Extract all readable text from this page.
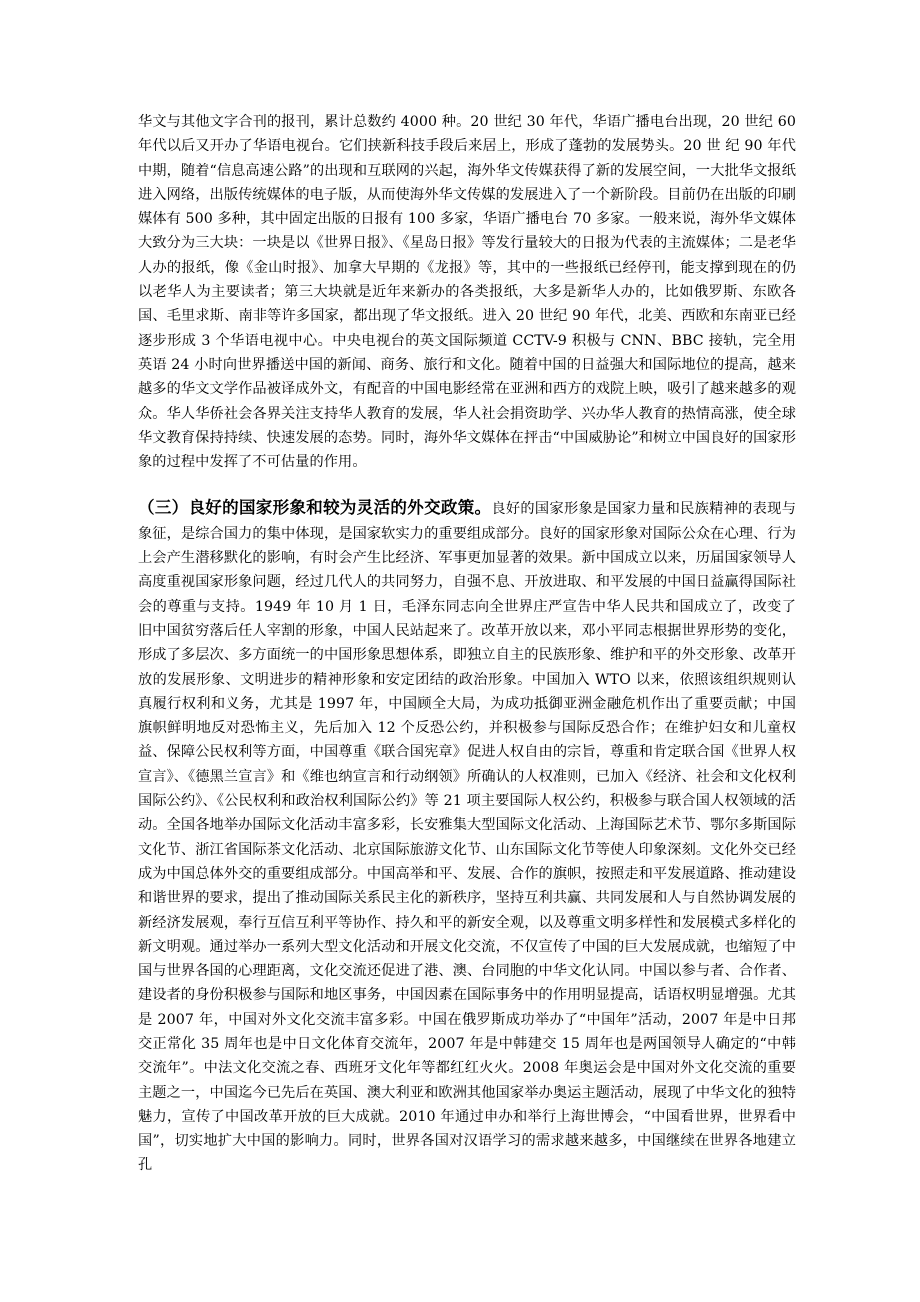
华文与其他文字合刊的报刊，累计总数约 4000 种。20 世纪 30 年代，华语广播电台出现，20 世纪 60 年代以后又开办了华语电视台。它们挟新科技手段后来居上，形成了蓬勃的发展势头。20 世 纪 90 年代中期，随着“信息高速公路”的出现和互联网的兴起，海外华文传媒获得了新的发展空间，一大批华文报纸进入网络，出版传统媒体的电子版，从而使海外华文传媒的发展进入了一个新阶段。目前仍在出版的印刷媒体有 500 多种，其中固定出版的日报有 100 多家，华语广播电台 70 多家。一般来说，海外华文媒体大致分为三大块：一块是以《世界日报》、《星岛日报》等发行量较大的日报为代表的主流媒体；二是老华人办的报纸，像《金山时报》、加拿大早期的《龙报》等，其中的一些报纸已经停刊，能支撑到现在的仍以老华人为主要读者；第三大块就是近年来新办的各类报纸，大多是新华人办的，比如俄罗斯、东欧各国、毛里求斯、南非等许多国家，都出现了华文报纸。进入 20 世纪 90 年代，北美、西欧和东南亚已经逐步形成 3 个华语电视中心。中央电视台的英文国际频道 CCTV-9 积极与 CNN、BBC 接轨，完全用英语 24 小时向世界播送中国的新闻、商务、旅行和文化。随着中国的日益强大和国际地位的提高，越来越多的华文文学作品被译成外文，有配音的中国电影经常在亚洲和西方的戏院上映，吸引了越来越多的观众。华人华侨社会各界关注支持华人教育的发展，华人社会捐资助学、兴办华人教育的热情高涨，使全球华文教育保持持续、快速发展的态势。同时，海外华文媒体在抨击“中国威胁论”和树立中国良好的国家形象的过程中发挥了不可估量的作用。

（三）良好的国家形象和较为灵活的外交政策。良好的国家形象是国家力量和民族精神的表现与象征，是综合国力的集中体现，是国家软实力的重要组成部分。良好的国家形象对国际公众在心理、行为上会产生潜移默化的影响，有时会产生比经济、军事更加显著的效果。新中国成立以来，历届国家领导人高度重视国家形象问题，经过几代人的共同努力，自强不息、开放进取、和平发展的中国日益赢得国际社会的尊重与支持。1949 年 10 月 1 日，毛泽东同志向全世界庄严宣告中华人民共和国成立了，改变了旧中国贫穷落后任人宰割的形象，中国人民站起来了。改革开放以来，邓小平同志根据世界形势的变化，形成了多层次、多方面统一的中国形象思想体系，即独立自主的民族形象、维护和平的外交形象、改革开放的发展形象、文明进步的精神形象和安定团结的政治形象。中国加入 WTO 以来，依照该组织规则认真履行权利和义务，尤其是 1997 年，中国顾全大局，为成功抵御亚洲金融危机作出了重要贡献；中国旗帜鲜明地反对恐怖主义，先后加入 12 个反恐公约，并积极参与国际反恐合作；在维护妇女和儿童权益、保障公民权利等方面，中国尊重《联合国宪章》促进人权自由的宗旨，尊重和肯定联合国《世界人权宣言》、《德黑兰宣言》和《维也纳宣言和行动纲领》所确认的人权准则，已加入《经济、社会和文化权利国际公约》、《公民权利和政治权利国际公约》等 21 项主要国际人权公约，积极参与联合国人权领域的活动。全国各地举办国际文化活动丰富多彩，长安雅集大型国际文化活动、上海国际艺术节、鄂尔多斯国际文化节、浙江省国际茶文化活动、北京国际旅游文化节、山东国际文化节等使人印象深刻。文化外交已经成为中国总体外交的重要组成部分。中国高举和平、发展、合作的旗帜，按照走和平发展道路、推动建设和谐世界的要求，提出了推动国际关系民主化的新秩序，坚持互利共赢、共同发展和人与自然协调发展的新经济发展观，奉行互信互利平等协作、持久和平的新安全观，以及尊重文明多样性和发展模式多样化的新文明观。通过举办一系列大型文化活动和开展文化交流，不仅宣传了中国的巨大发展成就，也缩短了中国与世界各国的心理距离，文化交流还促进了港、澳、台同胞的中华文化认同。中国以参与者、合作者、建设者的身份积极参与国际和地区事务，中国因素在国际事务中的作用明显提高，话语权明显增强。尤其是 2007 年，中国对外文化交流丰富多彩。中国在俄罗斯成功举办了“中国年”活动，2007 年是中日邦交正常化 35 周年也是中日文化体育交流年，2007 年是中韩建交 15 周年也是两国领导人确定的“中韩交流年”。中法文化交流之春、西班牙文化年等都红红火火。2008 年奥运会是中国对外文化交流的重要主题之一，中国迄今已先后在英国、澳大利亚和欧洲其他国家举办奥运主题活动，展现了中华文化的独特魅力，宣传了中国改革开放的巨大成就。2010 年通过申办和举行上海世博会，“中国看世界，世界看中国”，切实地扩大中国的影响力。同时，世界各国对汉语学习的需求越来越多，中国继续在世界各地建立孔
